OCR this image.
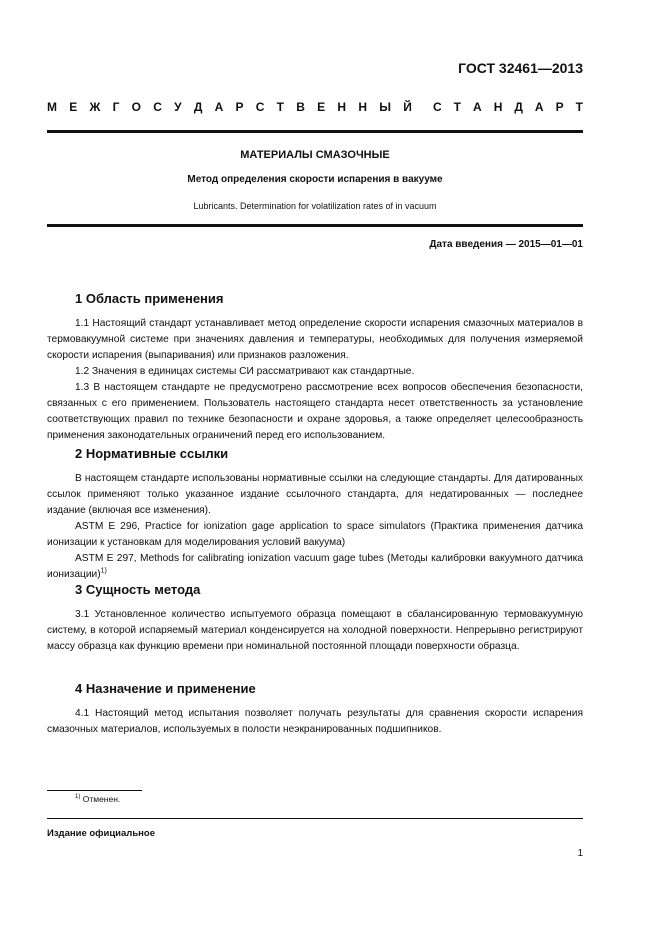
ГОСТ 32461—2013
М Е Ж Г О С У Д А Р С Т В Е Н Н Ы Й С Т А Н Д А Р Т
МАТЕРИАЛЫ СМАЗОЧНЫЕ
Метод определения скорости испарения в вакууме
Lubricants. Determination for volatilization rates of in vacuum
Дата введения — 2015—01—01
1 Область применения

1.1 Настоящий стандарт устанавливает метод определение скорости испарения смазочных материалов в термовакуумной системе при значениях давления и температуры, необходимых для получения измеряемой скорости испарения (выпаривания) или признаков разложения.

1.2 Значения в единицах системы СИ рассматривают как стандартные.

1.3 В настоящем стандарте не предусмотрено рассмотрение всех вопросов обеспечения безопасности, связанных с его применением. Пользователь настоящего стандарта несет ответственность за установление соответствующих правил по технике безопасности и охране здоровья, а также определяет целесообразность применения законодательных ограничений перед его использованием.

2 Нормативные ссылки

В настоящем стандарте использованы нормативные ссылки на следующие стандарты. Для датированных ссылок применяют только указанное издание ссылочного стандарта, для недатированных — последнее издание (включая все изменения).

ASTM E 296, Practice for ionization gage application to space simulators (Практика применения датчика ионизации к установкам для моделирования условий вакуума)

ASTM E 297, Methods for calibrating ionization vacuum gage tubes (Методы калибровки вакуумного датчика ионизации)$^{1)}$

3 Сущность метода

3.1 Установленное количество испытуемого образца помещают в сбалансированную термовакуумную систему, в которой испаряемый материал конденсируется на холодной поверхности. Непрерывно регистрируют массу образца как функцию времени при номинальной постоянной площади поверхности образца.

4 Назначение и применение

4.1 Настоящий метод испытания позволяет получать результаты для сравнения скорости испарения смазочных материалов, используемых в полости неэкранированных подшипников.

$^{1)}$ Отменен.
Издание официальное
1
